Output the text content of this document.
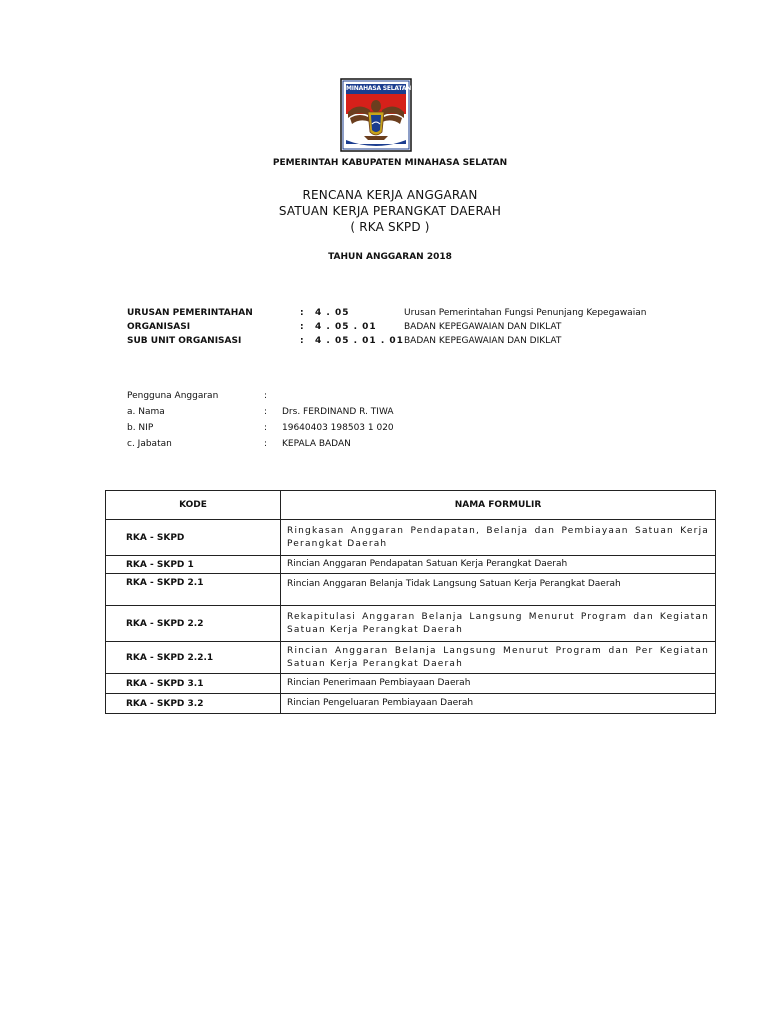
MINAHASA SELATAN
PEMERINTAH KABUPATEN MINAHASA SELATAN
RENCANA KERJA ANGGARAN
SATUAN KERJA PERANGKAT DAERAH
( RKA SKPD )
TAHUN ANGGARAN 2018
URUSAN PEMERINTAHAN	: 4 . 05	Urusan Pemerintahan Fungsi Penunjang Kepegawaian
ORGANISASI	: 4 . 05 . 01	BADAN KEPEGAWAIAN DAN DIKLAT
SUB UNIT ORGANISASI	: 4 . 05 . 01 . 01 BADAN KEPEGAWAIAN DAN DIKLAT
Pengguna Anggaran	:
a. Nama	: Drs. FERDINAND R. TIWA
b. NIP	: 19640403 198503 1 020
c. Jabatan	: KEPALA BADAN
KODE	NAMA FORMULIR
RKA - SKPD	Ringkasan Anggaran Pendapatan, Belanja dan Pembiayaan Satuan Kerja Perangkat Daerah
RKA - SKPD 1	Rincian Anggaran Pendapatan Satuan Kerja Perangkat Daerah
RKA - SKPD 2.1	Rincian Anggaran Belanja Tidak Langsung Satuan Kerja Perangkat Daerah
RKA - SKPD 2.2	Rekapitulasi Anggaran Belanja Langsung Menurut Program dan Kegiatan Satuan Kerja Perangkat Daerah
RKA - SKPD 2.2.1	Rincian Anggaran Belanja Langsung Menurut Program dan Per Kegiatan Satuan Kerja Perangkat Daerah
RKA - SKPD 3.1	Rincian Penerimaan Pembiayaan Daerah
RKA - SKPD 3.2	Rincian Pengeluaran Pembiayaan Daerah
